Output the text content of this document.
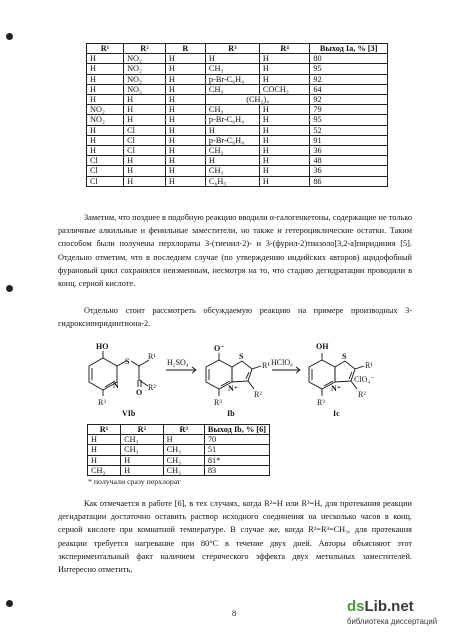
R¹	R²	R	R³	R⁴	Выход Ia, % [3]
H	NO₂	H	H	H	80
H	NO₂	H	CH₃	H	95
H	NO₂	H	p-Br-C₆H₄	H	92
H	NO₂	H	CH₃	COCH₃	64
H	H	H	(CH₂)₄		92
NO₂	H	H	CH₃	H	79
NO₂	H	H	p-Br-C₆H₄	H	95
H	Cl	H	H	H	52
H	Cl	H	p-Br-C₆H₄	H	91
H	Cl	H	CH₃	H	36
Cl	H	H	H	H	48
Cl	H	H	CH₃	H	36
Cl	H	H	C₆H₅	H	86

Заметим, что позднее в подобную реакцию вводили α-галогенкетоны, содержащие не только различные алкильные и фенильные заместители, но также и гетероциклические остатки. Таким способом были получены перхлораты 3-(тиенил-2)- и 3-(фурил-2)тиазоло[3,2-a]пиридиния [5]. Отдельно отметим, что в последнем случае (по утверждению индийских авторов) ацидофобный фурановый цикл сохранялся неизменным, несмотря на то, что стадию дегидратации проводили в конц. серной кислоте.

Отдельно стоит рассмотреть обсуждаемую реакцию на примере производных 3-гидроксипиридинтиона-2.

HO
N
S
R¹
O
R²
R³
VIb
H₂SO₄
O⁻
S
N⁺
R¹
R²
R³
Ib
HClO₄
OH
S
N⁺
R¹
ClO₄⁻
R²
R³
Ic
R¹	R²	R³	Выход Ib, % [6]
H	CH₃	H	70
H	CH₃	CH₃	51
H	H	CH₃	81*
CH₃	H	CH₃	83

* получали сразу перхлорат

Как отмечается в работе [6], в тех случаях, когда R²=H или R³=H, для протекания реакции дегидратации достаточно оставить раствор исходного соединения на несколько часов в конц. серной кислоте при комнатной температуре. В случае же, когда R²=R³=CH₃, для протекания реакции требуется нагревание при 80°C в течение двух дней. Авторы объясняют этот экспериментальный факт наличием стерического эффекта двух метильных заместителей. Интересно отметить,

8	dsLib.net
библиотека диссертаций
